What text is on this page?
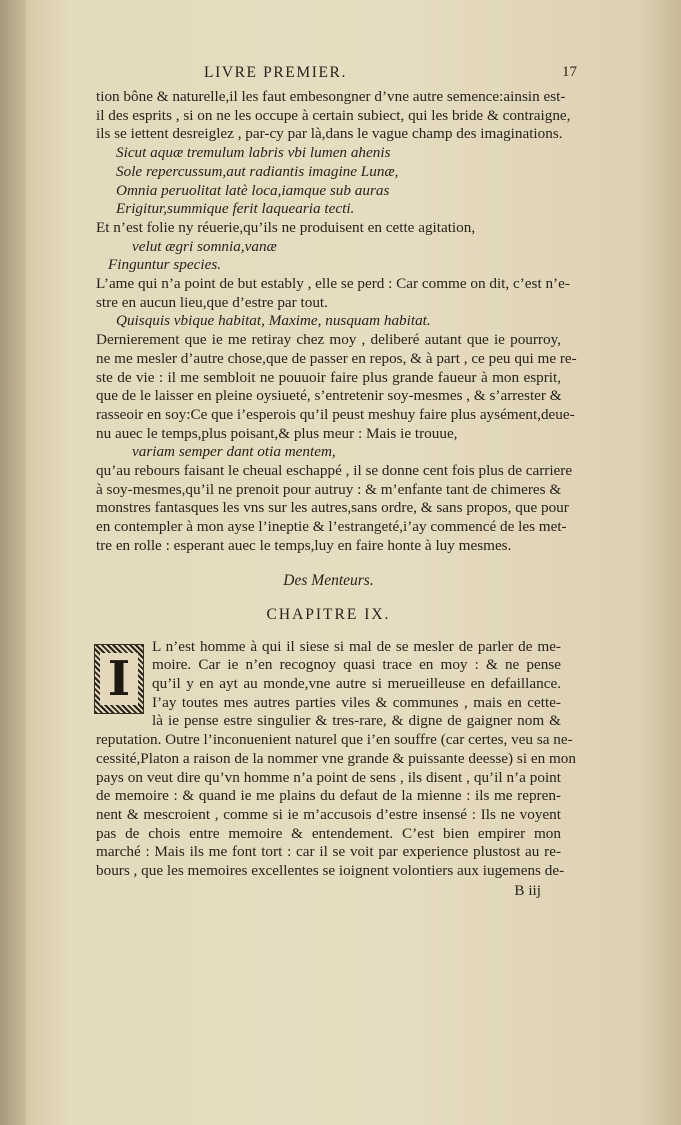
LIVRE PREMIER.	17
tion bône & naturelle,il les faut embesongner d’vne autre semence:ainsin est-
il des esprits , si on ne les occupe à certain subiect, qui les bride & contraigne,
ils se iettent desreiglez , par-cy par là,dans le vague champ des imaginations.
Sicut aquæ tremulum labris vbi lumen ahenis
Sole repercussum,aut radiantis imagine Lunæ,
Omnia peruolitat latè loca,iamque sub auras
Erigitur,summique ferit laquearia tecti.
Et n’est folie ny réuerie,qu’ils ne produisent en cette agitation,
velut ægri somnia,vanæ
Finguntur species.
L’ame qui n’a point de but estably , elle se perd : Car comme on dit, c’est n’e-
stre en aucun lieu,que d’estre par tout.
Quisquis vbique habitat, Maxime, nusquam habitat.
Dernierement que ie me retiray chez moy , deliberé autant que ie pourroy,
ne me mesler d’autre chose,que de passer en repos, & à part , ce peu qui me re-
ste de vie : il me sembloit ne pouuoir faire plus grande faueur à mon esprit,
que de le laisser en pleine oysiueté, s’entretenir soy-mesmes , & s’arrester &
rasseoir en soy:Ce que i’esperois qu’il peust meshuy faire plus aysément,deue-
nu auec le temps,plus poisant,& plus meur : Mais ie trouue,
variam semper dant otia mentem,
qu’au rebours faisant le cheual eschappé , il se donne cent fois plus de carriere
à soy-mesmes,qu’il ne prenoit pour autruy : & m’enfante tant de chimeres &
monstres fantasques les vns sur les autres,sans ordre, & sans propos, que pour
en contempler à mon ayse l’ineptie & l’estrangeté,i’ay commencé de les met-
tre en rolle : esperant auec le temps,luy en faire honte à luy mesmes.
Des Menteurs.
CHAPITRE IX.
I
L n’est homme à qui il siese si mal de se mesler de parler de me-
moire. Car ie n’en recognoy quasi trace en moy : & ne pense
qu’il y en ayt au monde,vne autre si merueilleuse en defaillance.
I’ay toutes mes autres parties viles & communes , mais en cette-
là ie pense estre singulier & tres-rare, & digne de gaigner nom &
reputation. Outre l’inconuenient naturel que i’en souffre (car certes, veu sa ne-
cessité,Platon a raison de la nommer vne grande & puissante deesse) si en mon
pays on veut dire qu’vn homme n’a point de sens , ils disent , qu’il n’a point
de memoire : & quand ie me plains du defaut de la mienne : ils me repren-
nent & mescroient , comme si ie m’accusois d’estre insensé : Ils ne voyent
pas de chois entre memoire & entendement. C’est bien empirer mon
marché : Mais ils me font tort : car il se voit par experience plustost au re-
bours , que les memoires excellentes se ioignent volontiers aux iugemens de-
B iij
